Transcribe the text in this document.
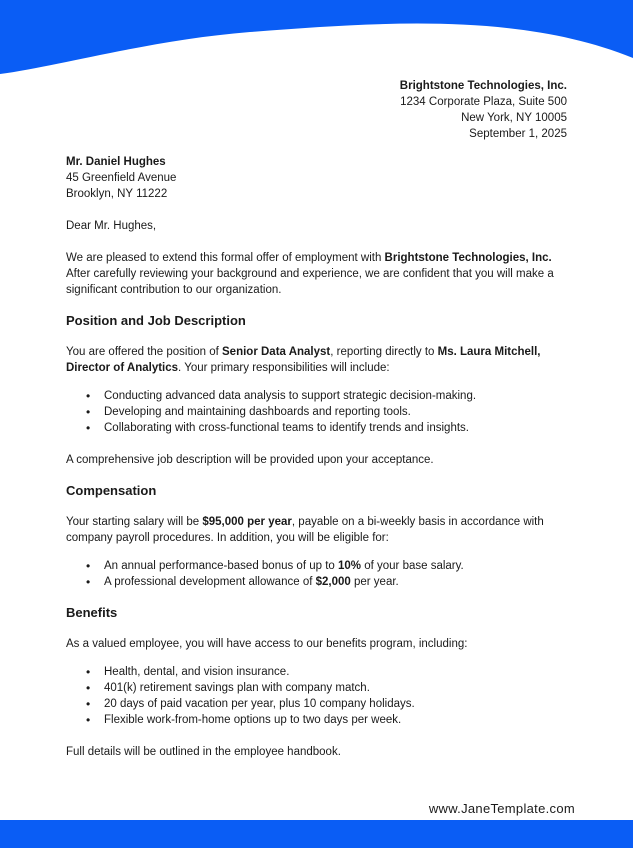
Brightstone Technologies, Inc.
1234 Corporate Plaza, Suite 500
New York, NY 10005
September 1, 2025
Mr. Daniel Hughes
45 Greenfield Avenue
Brooklyn, NY 11222

Dear Mr. Hughes,

We are pleased to extend this formal offer of employment with Brightstone Technologies, Inc. After carefully reviewing your background and experience, we are confident that you will make a significant contribution to our organization.

Position and Job Description

You are offered the position of Senior Data Analyst, reporting directly to Ms. Laura Mitchell, Director of Analytics. Your primary responsibilities will include:

• Conducting advanced data analysis to support strategic decision-making.
• Developing and maintaining dashboards and reporting tools.
• Collaborating with cross-functional teams to identify trends and insights.

A comprehensive job description will be provided upon your acceptance.

Compensation

Your starting salary will be $95,000 per year, payable on a bi-weekly basis in accordance with company payroll procedures. In addition, you will be eligible for:

• An annual performance-based bonus of up to 10% of your base salary.
• A professional development allowance of $2,000 per year.
Benefits

As a valued employee, you will have access to our benefits program, including:

• Health, dental, and vision insurance.
• 401(k) retirement savings plan with company match.
• 20 days of paid vacation per year, plus 10 company holidays.
• Flexible work-from-home options up to two days per week.

Full details will be outlined in the employee handbook.

www.JaneTemplate.com
